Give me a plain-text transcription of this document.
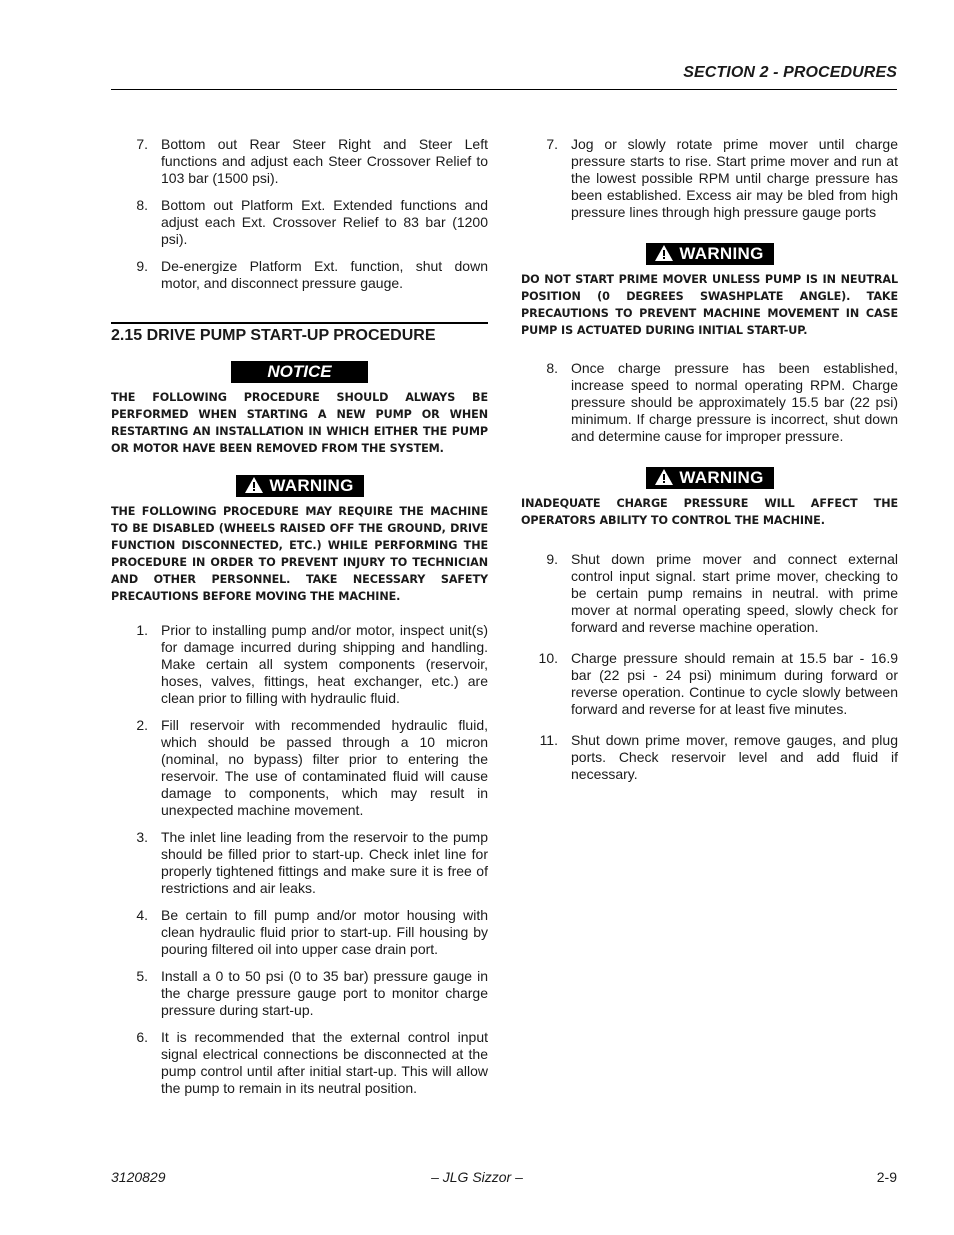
SECTION 2 - PROCEDURES
7. Bottom out Rear Steer Right and Steer Left functions and adjust each Steer Crossover Relief to 103 bar (1500 psi).
8. Bottom out Platform Ext. Extended functions and adjust each Ext. Crossover Relief to 83 bar (1200 psi).
9. De-energize Platform Ext. function, shut down motor, and disconnect pressure gauge.
2.15 DRIVE PUMP START-UP PROCEDURE
NOTICE
THE FOLLOWING PROCEDURE SHOULD ALWAYS BE PERFORMED WHEN STARTING A NEW PUMP OR WHEN RESTARTING AN INSTALLATION IN WHICH EITHER THE PUMP OR MOTOR HAVE BEEN REMOVED FROM THE SYSTEM.
WARNING
THE FOLLOWING PROCEDURE MAY REQUIRE THE MACHINE TO BE DISABLED (WHEELS RAISED OFF THE GROUND, DRIVE FUNCTION DISCONNECTED, ETC.) WHILE PERFORMING THE PROCEDURE IN ORDER TO PREVENT INJURY TO TECHNICIAN AND OTHER PERSONNEL. TAKE NECESSARY SAFETY PRECAUTIONS BEFORE MOVING THE MACHINE.
1. Prior to installing pump and/or motor, inspect unit(s) for damage incurred during shipping and handling. Make certain all system components (reservoir, hoses, valves, fittings, heat exchanger, etc.) are clean prior to filling with hydraulic fluid.
2. Fill reservoir with recommended hydraulic fluid, which should be passed through a 10 micron (nominal, no bypass) filter prior to entering the reservoir. The use of contaminated fluid will cause damage to components, which may result in unexpected machine movement.
3. The inlet line leading from the reservoir to the pump should be filled prior to start-up. Check inlet line for properly tightened fittings and make sure it is free of restrictions and air leaks.
4. Be certain to fill pump and/or motor housing with clean hydraulic fluid prior to start-up. Fill housing by pouring filtered oil into upper case drain port.
5. Install a 0 to 50 psi (0 to 35 bar) pressure gauge in the charge pressure gauge port to monitor charge pressure during start-up.
6. It is recommended that the external control input signal electrical connections be disconnected at the pump control until after initial start-up. This will allow the pump to remain in its neutral position.
7. Jog or slowly rotate prime mover until charge pressure starts to rise. Start prime mover and run at the lowest possible RPM until charge pressure has been established. Excess air may be bled from high pressure lines through high pressure gauge ports
WARNING
DO NOT START PRIME MOVER UNLESS PUMP IS IN NEUTRAL POSITION (0 DEGREES SWASHPLATE ANGLE). TAKE PRECAUTIONS TO PREVENT MACHINE MOVEMENT IN CASE PUMP IS ACTUATED DURING INITIAL START-UP.
8. Once charge pressure has been established, increase speed to normal operating RPM. Charge pressure should be approximately 15.5 bar (22 psi) minimum. If charge pressure is incorrect, shut down and determine cause for improper pressure.
WARNING
INADEQUATE CHARGE PRESSURE WILL AFFECT THE OPERATORS ABILITY TO CONTROL THE MACHINE.
9. Shut down prime mover and connect external control input signal. start prime mover, checking to be certain pump remains in neutral. with prime mover at normal operating speed, slowly check for forward and reverse machine operation.
10. Charge pressure should remain at 15.5 bar - 16.9 bar (22 psi - 24 psi) minimum during forward or reverse operation. Continue to cycle slowly between forward and reverse for at least five minutes.
11. Shut down prime mover, remove gauges, and plug ports. Check reservoir level and add fluid if necessary.
– JLG Sizzor –
3120829	2-9
